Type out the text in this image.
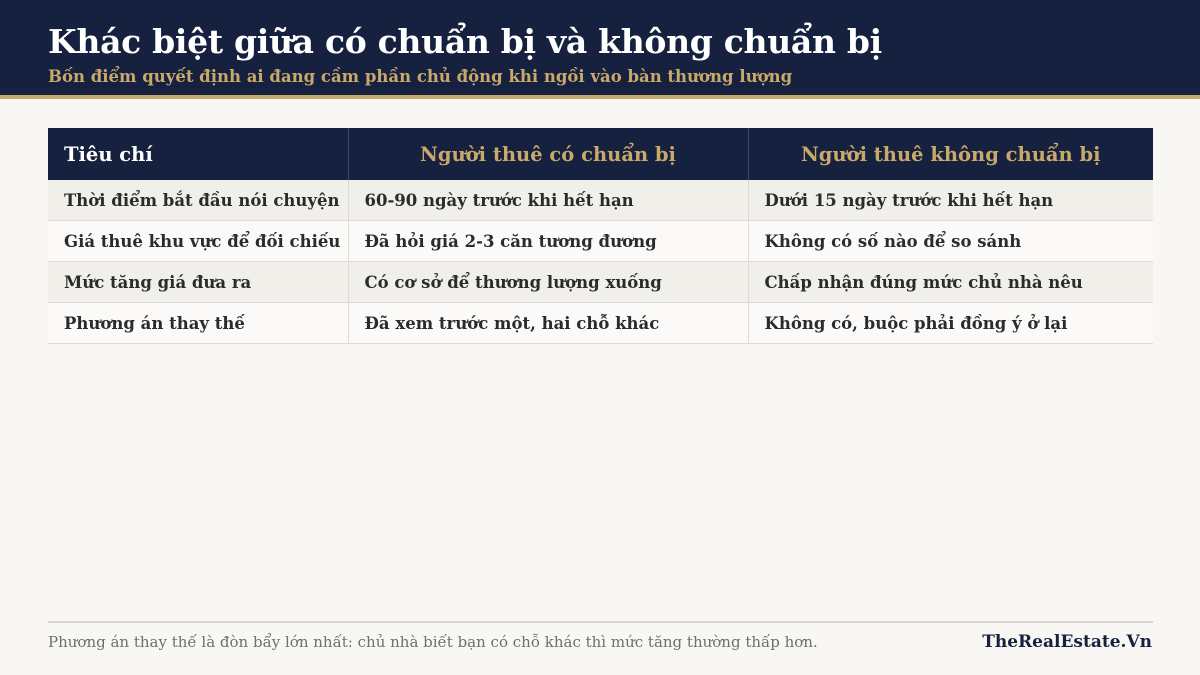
Khác biệt giữa có chuẩn bị và không chuẩn bị
Bốn điểm quyết định ai đang cầm phần chủ động khi ngồi vào bàn thương lượng
Tiêu chí	Người thuê có chuẩn bị	Người thuê không chuẩn bị
Thời điểm bắt đầu nói chuyện	60-90 ngày trước khi hết hạn	Dưới 15 ngày trước khi hết hạn
Giá thuê khu vực để đối chiếu	Đã hỏi giá 2-3 căn tương đương	Không có số nào để so sánh
Mức tăng giá đưa ra	Có cơ sở để thương lượng xuống	Chấp nhận đúng mức chủ nhà nêu
Phương án thay thế	Đã xem trước một, hai chỗ khác	Không có, buộc phải đồng ý ở lại
Phương án thay thế là đòn bẩy lớn nhất: chủ nhà biết bạn có chỗ khác thì mức tăng thường thấp hơn.	TheRealEstate.Vn
